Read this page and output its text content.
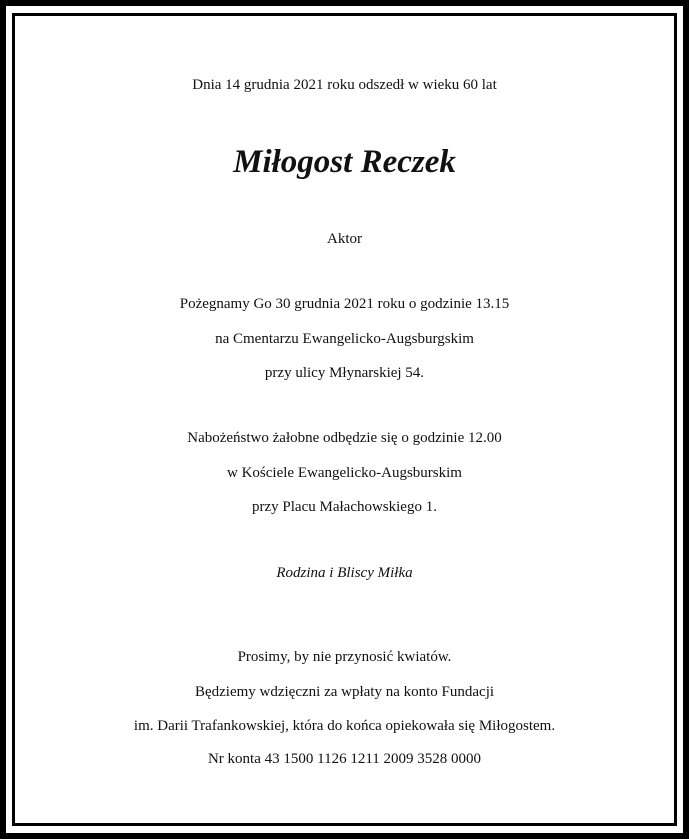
Dnia 14 grudnia 2021 roku odszedł w wieku 60 lat
Miłogost Reczek
Aktor
Pożegnamy Go 30 grudnia 2021 roku o godzinie 13.15
na Cmentarzu Ewangelicko-Augsburgskim
przy ulicy Młynarskiej 54.
Nabożeństwo żałobne odbędzie się o godzinie 12.00
w Kościele Ewangelicko-Augsburskim
przy Placu Małachowskiego 1.
Rodzina i Bliscy Miłka
Prosimy, by nie przynosić kwiatów.
Będziemy wdzięczni za wpłaty na konto Fundacji
im. Darii Trafankowskiej, która do końca opiekowała się Miłogostem.
Nr konta 43 1500 1126 1211 2009 3528 0000
